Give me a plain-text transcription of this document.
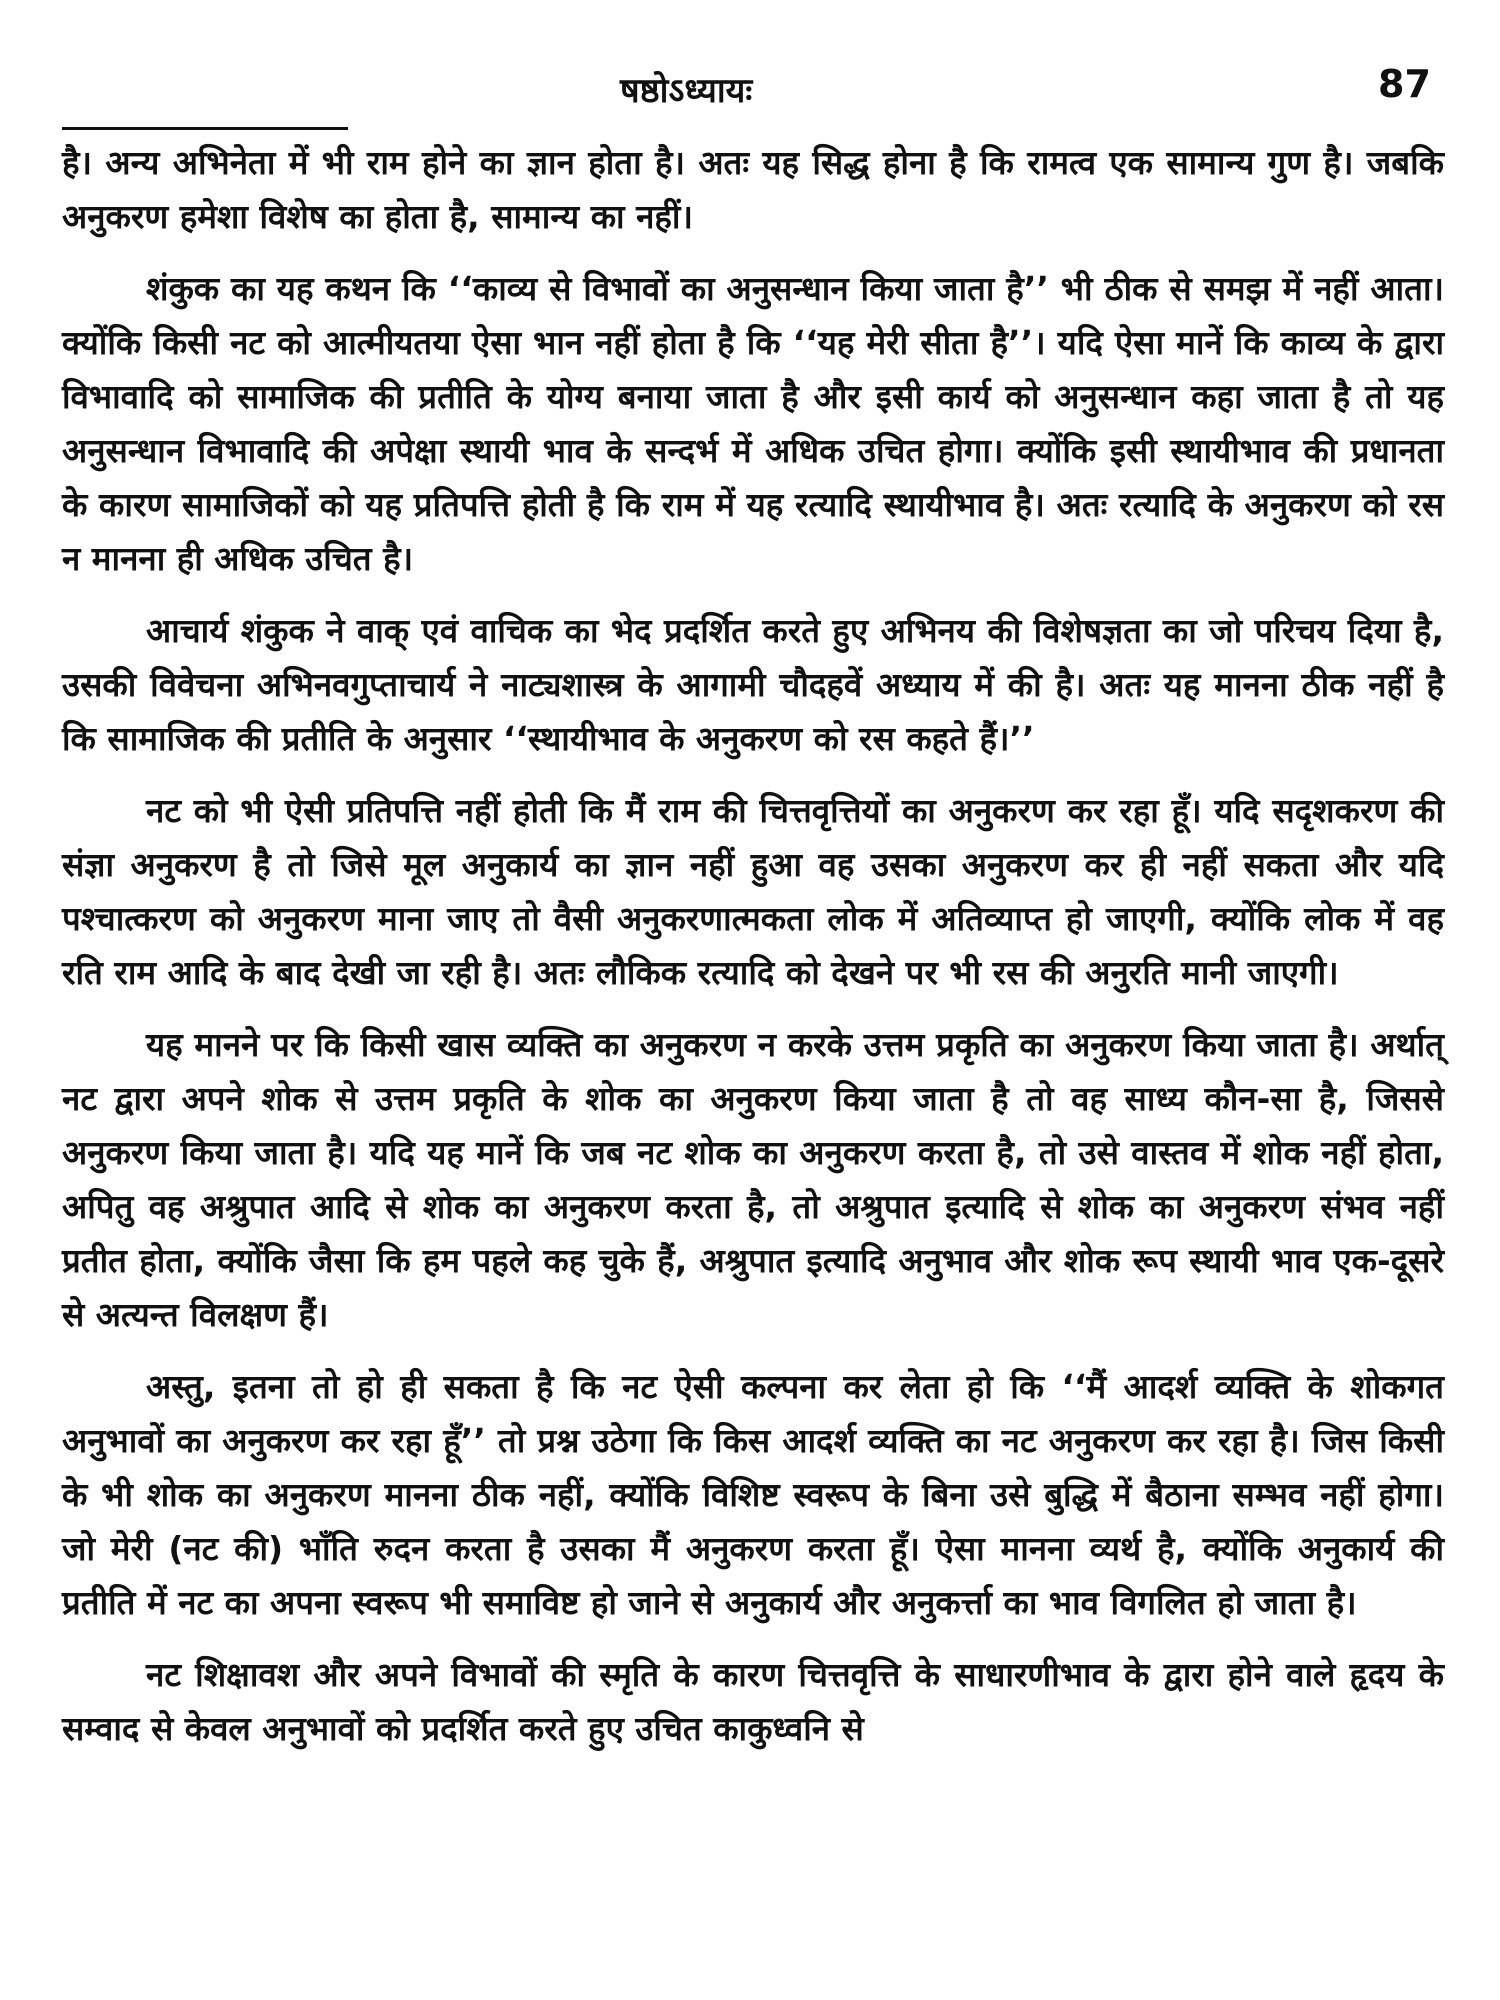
षष्ठोऽध्यायः	87

है। अन्य अभिनेता में भी राम होने का ज्ञान होता है। अतः यह सिद्ध होना है कि रामत्व एक सामान्य गुण है। जबकि अनुकरण हमेशा विशेष का होता है, सामान्य का नहीं।

शंकुक का यह कथन कि ‘‘काव्य से विभावों का अनुसन्धान किया जाता है’’ भी ठीक से समझ में नहीं आता। क्योंकि किसी नट को आत्मीयतया ऐसा भान नहीं होता है कि ‘‘यह मेरी सीता है’’। यदि ऐसा मानें कि काव्य के द्वारा विभावादि को सामाजिक की प्रतीति के योग्य बनाया जाता है और इसी कार्य को अनुसन्धान कहा जाता है तो यह अनुसन्धान विभावादि की अपेक्षा स्थायी भाव के सन्दर्भ में अधिक उचित होगा। क्योंकि इसी स्थायीभाव की प्रधानता के कारण सामाजिकों को यह प्रतिपत्ति होती है कि राम में यह रत्यादि स्थायीभाव है। अतः रत्यादि के अनुकरण को रस न मानना ही अधिक उचित है।

आचार्य शंकुक ने वाक् एवं वाचिक का भेद प्रदर्शित करते हुए अभिनय की विशेषज्ञता का जो परिचय दिया है, उसकी विवेचना अभिनवगुप्ताचार्य ने नाट्यशास्त्र के आगामी चौदहवें अध्याय में की है। अतः यह मानना ठीक नहीं है कि सामाजिक की प्रतीति के अनुसार ‘‘स्थायीभाव के अनुकरण को रस कहते हैं।’’

नट को भी ऐसी प्रतिपत्ति नहीं होती कि मैं राम की चित्तवृत्तियों का अनुकरण कर रहा हूँ। यदि सदृशकरण की संज्ञा अनुकरण है तो जिसे मूल अनुकार्य का ज्ञान नहीं हुआ वह उसका अनुकरण कर ही नहीं सकता और यदि पश्चात्करण को अनुकरण माना जाए तो वैसी अनुकरणात्मकता लोक में अतिव्याप्त हो जाएगी, क्योंकि लोक में वह रति राम आदि के बाद देखी जा रही है। अतः लौकिक रत्यादि को देखने पर भी रस की अनुरति मानी जाएगी।

यह मानने पर कि किसी खास व्यक्ति का अनुकरण न करके उत्तम प्रकृति का अनुकरण किया जाता है। अर्थात् नट द्वारा अपने शोक से उत्तम प्रकृति के शोक का अनुकरण किया जाता है तो वह साध्य कौन-सा है, जिससे अनुकरण किया जाता है। यदि यह मानें कि जब नट शोक का अनुकरण करता है, तो उसे वास्तव में शोक नहीं होता, अपितु वह अश्रुपात आदि से शोक का अनुकरण करता है, तो अश्रुपात इत्यादि से शोक का अनुकरण संभव नहीं प्रतीत होता, क्योंकि जैसा कि हम पहले कह चुके हैं, अश्रुपात इत्यादि अनुभाव और शोक रूप स्थायी भाव एक-दूसरे से अत्यन्त विलक्षण हैं।

अस्तु, इतना तो हो ही सकता है कि नट ऐसी कल्पना कर लेता हो कि ‘‘मैं आदर्श व्यक्ति के शोकगत अनुभावों का अनुकरण कर रहा हूँ’’ तो प्रश्न उठेगा कि किस आदर्श व्यक्ति का नट अनुकरण कर रहा है। जिस किसी के भी शोक का अनुकरण मानना ठीक नहीं, क्योंकि विशिष्ट स्वरूप के बिना उसे बुद्धि में बैठाना सम्भव नहीं होगा। जो मेरी (नट की) भाँति रुदन करता है उसका मैं अनुकरण करता हूँ। ऐसा मानना व्यर्थ है, क्योंकि अनुकार्य की प्रतीति में नट का अपना स्वरूप भी समाविष्ट हो जाने से अनुकार्य और अनुकर्त्ता का भाव विगलित हो जाता है।

नट शिक्षावश और अपने विभावों की स्मृति के कारण चित्तवृत्ति के साधारणीभाव के द्वारा होने वाले हृदय के सम्वाद से केवल अनुभावों को प्रदर्शित करते हुए उचित काकुध्वनि से
